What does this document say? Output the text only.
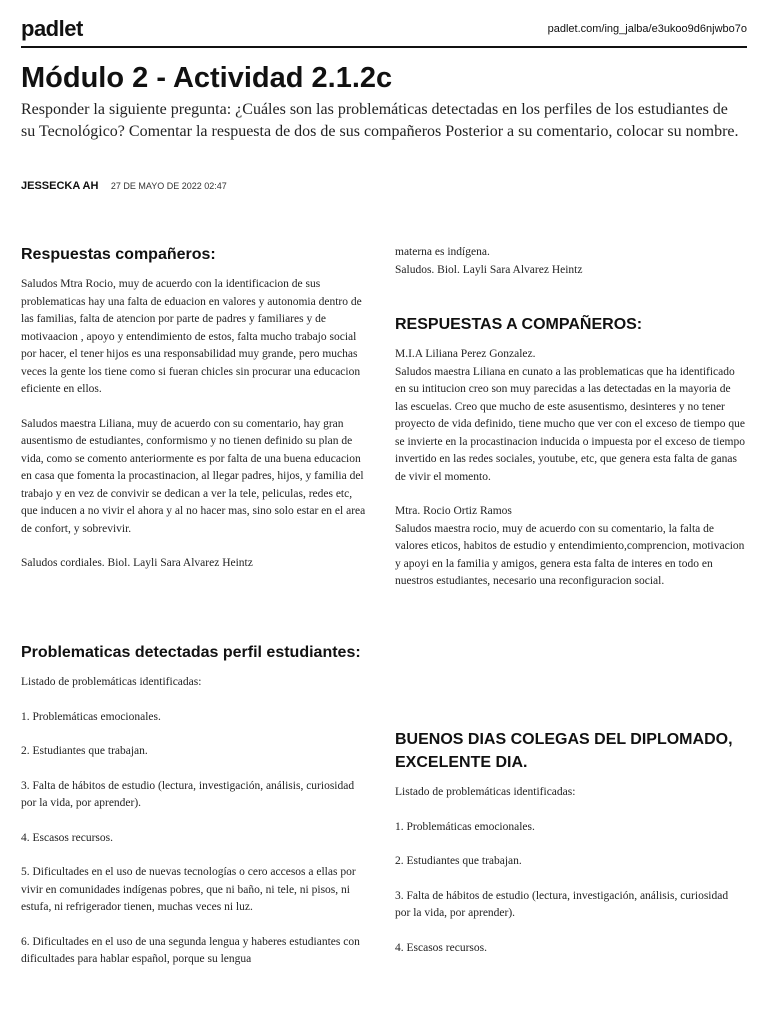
padlet	padlet.com/ing_jalba/e3ukoo9d6njwbo7o
Módulo 2 - Actividad 2.1.2c
Responder la siguiente pregunta: ¿Cuáles son las problemáticas detectadas en los perfiles de los estudiantes de su Tecnológico? Comentar la respuesta de dos de sus compañeros Posterior a su comentario, colocar su nombre.
JESSECKA AH 27 DE MAYO DE 2022 02:47
Respuestas compañeros:

Saludos Mtra Rocio, muy de acuerdo con la identificacion de sus problematicas hay una falta de eduacion en valores y autonomia dentro de las familias, falta de atencion por parte de padres y familiares y de motivaacion , apoyo y entendimiento de estos, falta mucho trabajo social por hacer, el tener hijos es una responsabilidad muy grande, pero muchas veces la gente los tiene como si fueran chicles sin procurar una educacion eficiente en ellos.

Saludos maestra Liliana, muy de acuerdo con su comentario, hay gran ausentismo de estudiantes, conformismo y no tienen definido su plan de vida, como se comento anteriormente es por falta de una buena educacion en casa que fomenta la procastinacion, al llegar padres, hijos, y familia del trabajo y en vez de convivir se dedican a ver la tele, peliculas, redes etc, que inducen a no vivir el ahora y al no hacer mas, sino solo estar en el area de confort, y sobrevivir.

Saludos cordiales. Biol. Layli Sara Alvarez Heintz

Problematicas detectadas perfil estudiantes:

Listado de problemáticas identificadas:

1. Problemáticas emocionales.

2. Estudiantes que trabajan.

3. Falta de hábitos de estudio (lectura, investigación, análisis, curiosidad por la vida, por aprender).

4. Escasos recursos.

5. Dificultades en el uso de nuevas tecnologías o cero accesos a ellas por vivir en comunidades indígenas pobres, que ni baño, ni tele, ni pisos, ni estufa, ni refrigerador tienen, muchas veces ni luz.

6. Dificultades en el uso de una segunda lengua y haberes estudiantes con dificultades para hablar español, porque su lengua

materna es indígena.
Saludos. Biol. Layli Sara Alvarez Heintz

RESPUESTAS A COMPAÑEROS:

M.I.A Liliana Perez Gonzalez.
Saludos maestra Liliana en cunato a las problematicas que ha identificado en su intitucion creo son muy parecidas a las detectadas en la mayoria de las escuelas. Creo que mucho de este asusentismo, desinteres y no tener proyecto de vida definido, tiene mucho que ver con el exceso de tiempo que se invierte en la procastinacion inducida o impuesta por el exceso de tiempo invertido en las redes sociales, youtube, etc, que genera esta falta de ganas de vivir el momento.

Mtra. Rocio Ortiz Ramos
Saludos maestra rocio, muy de acuerdo con su comentario, la falta de valores eticos, habitos de estudio y entendimiento,comprencion, motivacion y apoyi en la familia y amigos, genera esta falta de interes en todo en nuestros estudiantes, necesario una reconfiguracion social.

BUENOS DIAS COLEGAS DEL DIPLOMADO, EXCELENTE DIA.

Listado de problemáticas identificadas:

1. Problemáticas emocionales.

2. Estudiantes que trabajan.

3. Falta de hábitos de estudio (lectura, investigación, análisis, curiosidad por la vida, por aprender).

4. Escasos recursos.
